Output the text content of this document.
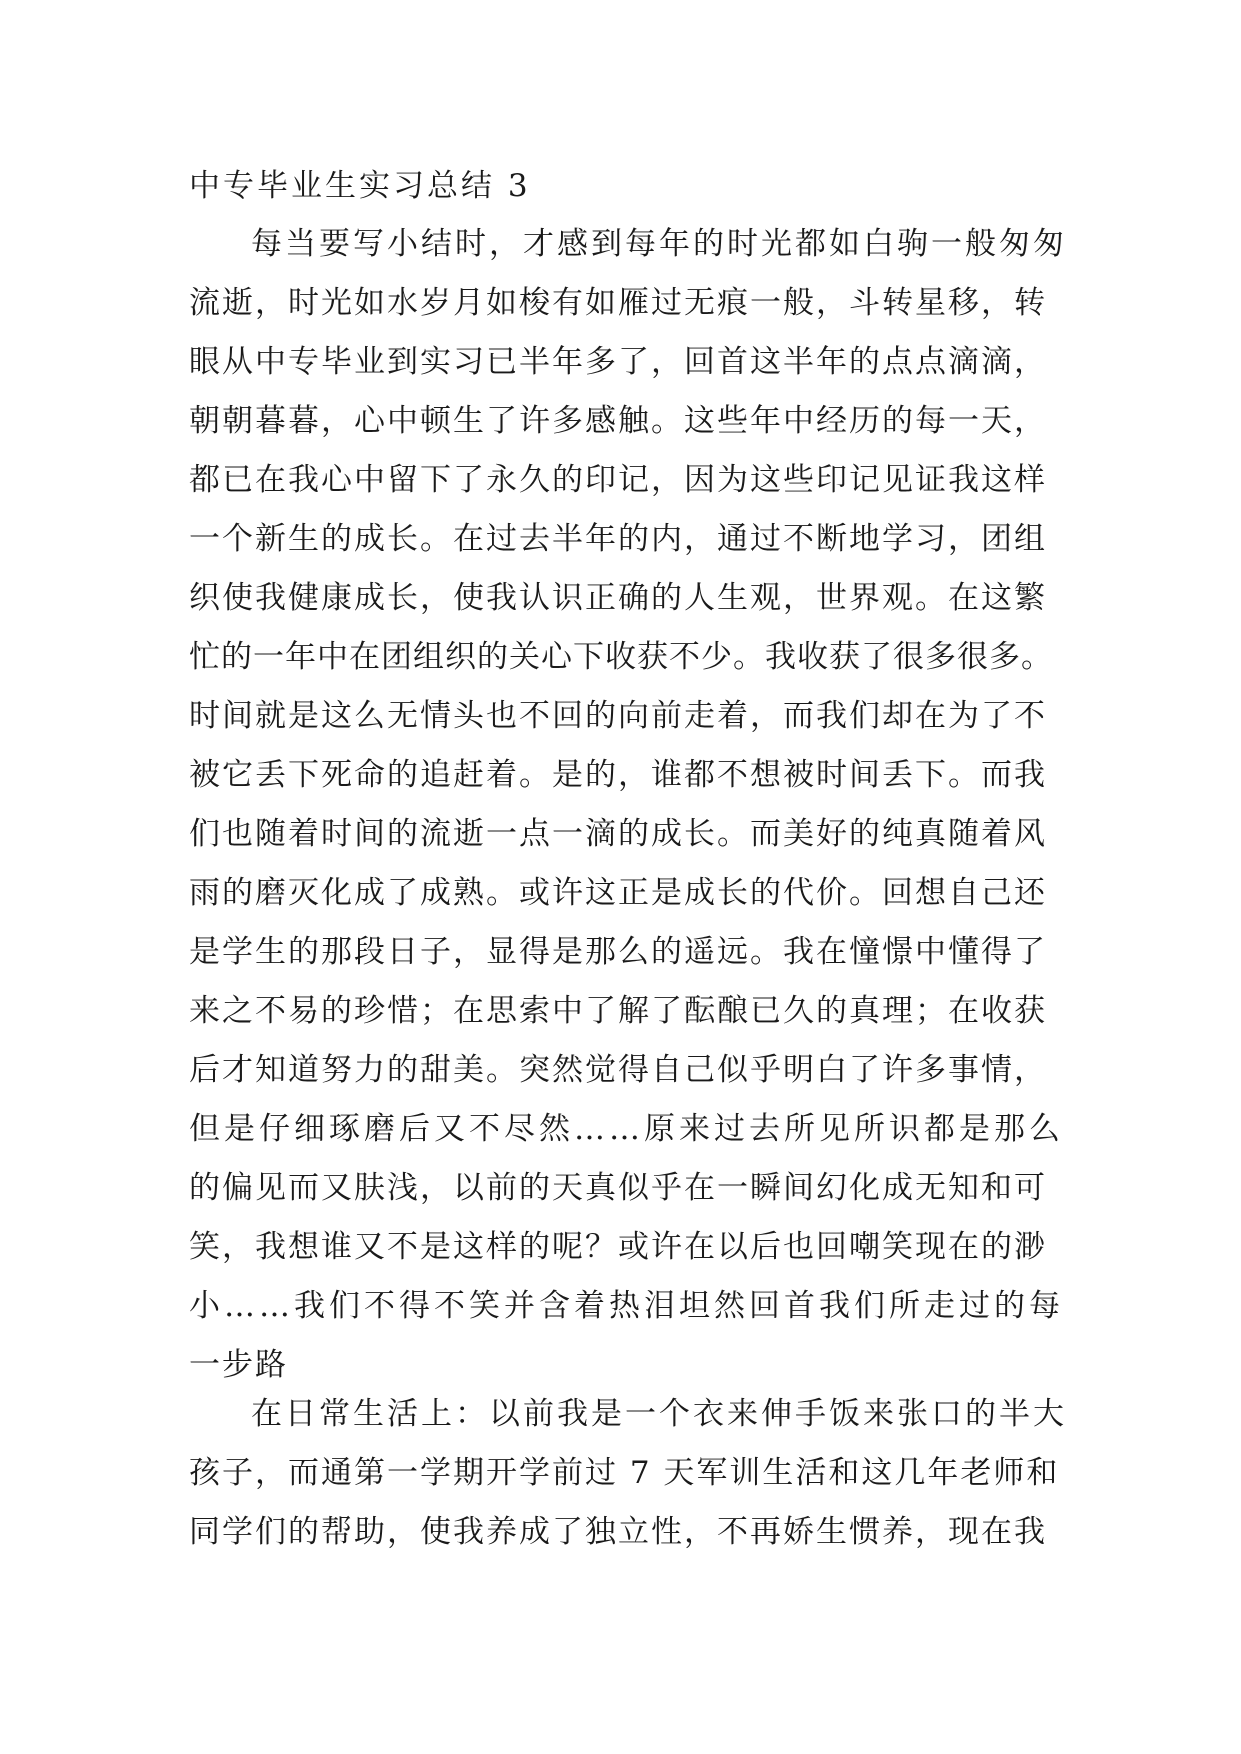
中专毕业生实习总结 3
每当要写小结时，才感到每年的时光都如白驹一般匆匆
流逝，时光如水岁月如梭有如雁过无痕一般，斗转星移，转
眼从中专毕业到实习已半年多了，回首这半年的点点滴滴，
朝朝暮暮，心中顿生了许多感触。这些年中经历的每一天，
都已在我心中留下了永久的印记，因为这些印记见证我这样
一个新生的成长。在过去半年的内，通过不断地学习，团组
织使我健康成长，使我认识正确的人生观，世界观。在这繁
忙的一年中在团组织的关心下收获不少。我收获了很多很多。
时间就是这么无情头也不回的向前走着，而我们却在为了不
被它丢下死命的追赶着。是的，谁都不想被时间丢下。而我
们也随着时间的流逝一点一滴的成长。而美好的纯真随着风
雨的磨灭化成了成熟。或许这正是成长的代价。回想自己还
是学生的那段日子，显得是那么的遥远。我在憧憬中懂得了
来之不易的珍惜；在思索中了解了酝酿已久的真理；在收获
后才知道努力的甜美。突然觉得自己似乎明白了许多事情，
但是仔细琢磨后又不尽然……原来过去所见所识都是那么
的偏见而又肤浅，以前的天真似乎在一瞬间幻化成无知和可
笑，我想谁又不是这样的呢？或许在以后也回嘲笑现在的渺
小……我们不得不笑并含着热泪坦然回首我们所走过的每
一步路
在日常生活上：以前我是一个衣来伸手饭来张口的半大
孩子，而通第一学期开学前过 7 天军训生活和这几年老师和
同学们的帮助，使我养成了独立性，不再娇生惯养，现在我
